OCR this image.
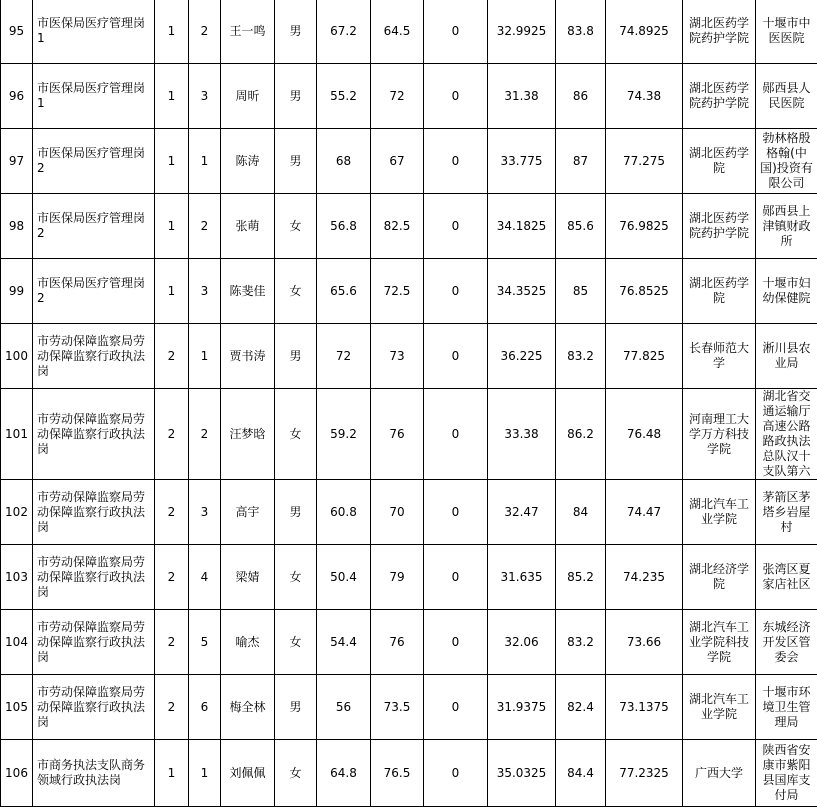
95	市医保局医疗管理岗1	1	2	王一鸣	男	67.2	64.5	0	32.9925	83.8	74.8925	湖北医药学院药护学院	十堰市中医医院
96	市医保局医疗管理岗1	1	3	周昕	男	55.2	72	0	31.38	86	74.38	湖北医药学院药护学院	郧西县人民医院
97	市医保局医疗管理岗2	1	1	陈涛	男	68	67	0	33.775	87	77.275	湖北医药学院	勃林格殷格翰(中国)投资有限公司
98	市医保局医疗管理岗2	1	2	张萌	女	56.8	82.5	0	34.1825	85.6	76.9825	湖北医药学院药护学院	郧西县上津镇财政所
99	市医保局医疗管理岗2	1	3	陈斐佳	女	65.6	72.5	0	34.3525	85	76.8525	湖北医药学院	十堰市妇幼保健院
100	市劳动保障监察局劳动保障监察行政执法岗	2	1	贾书涛	男	72	73	0	36.225	83.2	77.825	长春师范大学	淅川县农业局
101	市劳动保障监察局劳动保障监察行政执法岗	2	2	汪梦晗	女	59.2	76	0	33.38	86.2	76.48	河南理工大学万方科技学院	湖北省交通运输厅高速公路路政执法总队汉十支队第六
102	市劳动保障监察局劳动保障监察行政执法岗	2	3	高宇	男	60.8	70	0	32.47	84	74.47	湖北汽车工业学院	茅箭区茅塔乡岩屋村
103	市劳动保障监察局劳动保障监察行政执法岗	2	4	梁婧	女	50.4	79	0	31.635	85.2	74.235	湖北经济学院	张湾区夏家店社区
104	市劳动保障监察局劳动保障监察行政执法岗	2	5	喻杰	女	54.4	76	0	32.06	83.2	73.66	湖北汽车工业学院科技学院	东城经济开发区管委会
105	市劳动保障监察局劳动保障监察行政执法岗	2	6	梅全林	男	56	73.5	0	31.9375	82.4	73.1375	湖北汽车工业学院	十堰市环境卫生管理局
106	市商务执法支队商务领域行政执法岗	1	1	刘佩佩	女	64.8	76.5	0	35.0325	84.4	77.2325	广西大学	陕西省安康市紫阳县国库支付局
